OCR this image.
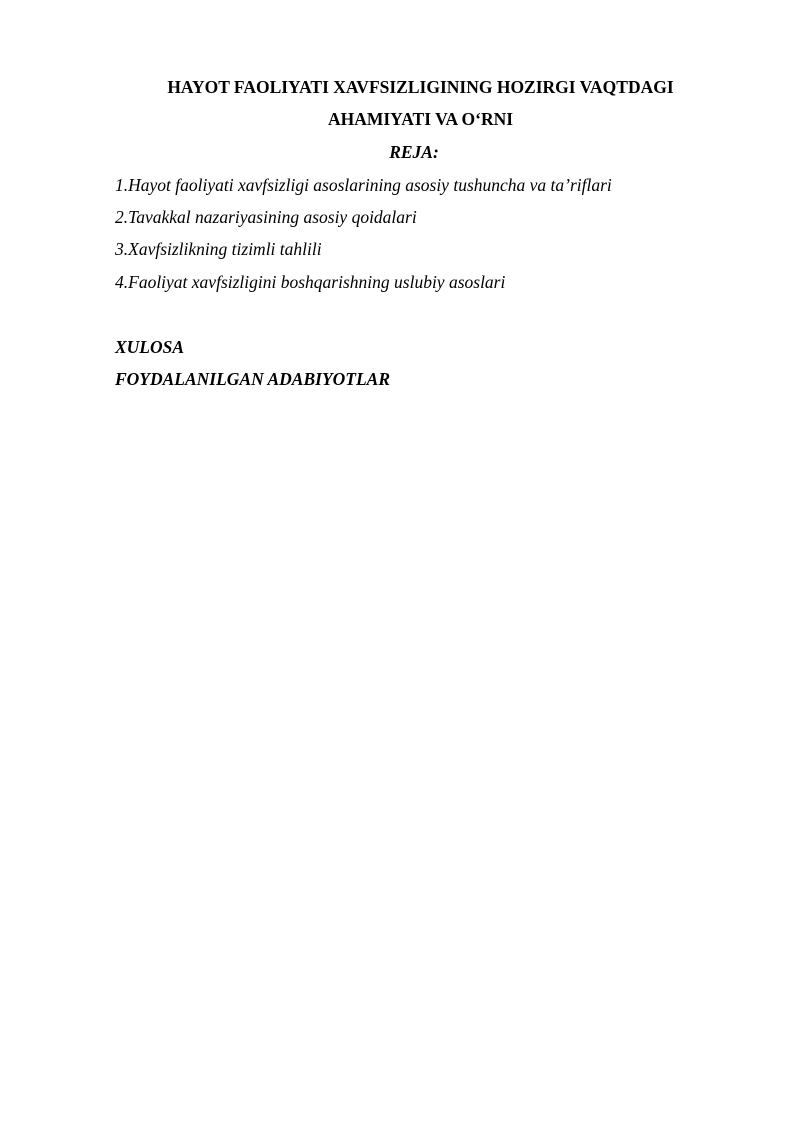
HAYOT FAOLIYATI XAVFSIZLIGINING HOZIRGI VAQTDAGI
AHAMIYATI VA O‘RNI
REJA:
1.Hayot faoliyati xavfsizligi asoslarining asosiy tushuncha va ta’riflari
2.Tavakkal nazariyasining asosiy qoidalari
3.Xavfsizlikning tizimli tahlili
4.Faoliyat xavfsizligini boshqarishning uslubiy asoslari

XULOSA

FOYDALANILGAN ADABIYOTLAR
